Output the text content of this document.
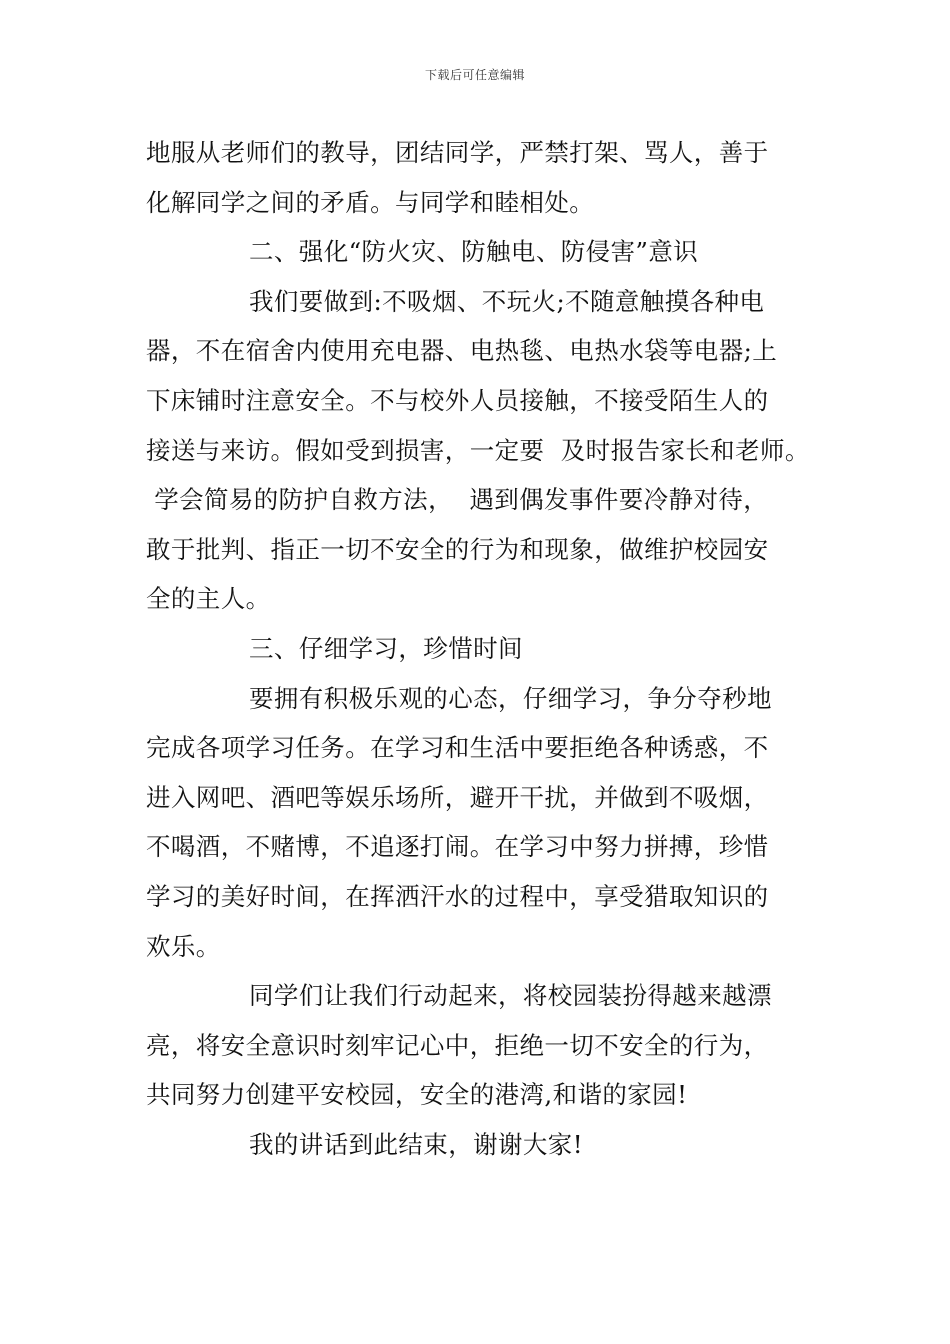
下载后可任意编辑
地服从老师们的教导，团结同学，严禁打架、骂人，善于
化解同学之间的矛盾。与同学和睦相处。
二、强化“防火灾、防触电、防侵害”意识
我们要做到:不吸烟、不玩火;不随意触摸各种电
器，不在宿舍内使用充电器、电热毯、电热水袋等电器;上
下床铺时注意安全。不与校外人员接触，不接受陌生人的
接送与来访。假如受到损害，一定要  及时报告家长和老师。
学会简易的防护自救方法，  遇到偶发事件要冷静对待，
敢于批判、指正一切不安全的行为和现象，做维护校园安
全的主人。
三、仔细学习，珍惜时间
要拥有积极乐观的心态，仔细学习，争分夺秒地
完成各项学习任务。在学习和生活中要拒绝各种诱惑，不
进入网吧、酒吧等娱乐场所，避开干扰，并做到不吸烟，
不喝酒，不赌博，不追逐打闹。在学习中努力拼搏，珍惜
学习的美好时间，在挥洒汗水的过程中，享受猎取知识的
欢乐。
同学们让我们行动起来，将校园装扮得越来越漂
亮，将安全意识时刻牢记心中，拒绝一切不安全的行为，
共同努力创建平安校园，安全的港湾,和谐的家园!
我的讲话到此结束，谢谢大家!
